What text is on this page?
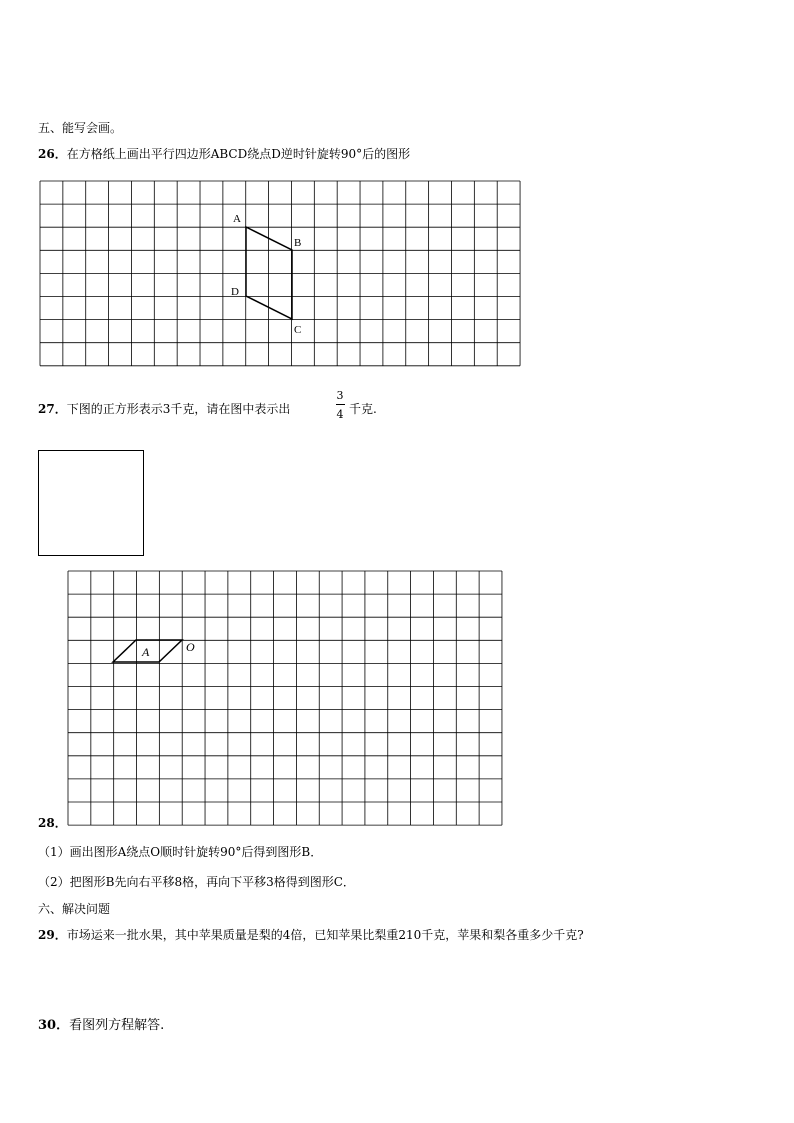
五、能写会画。
26．在方格纸上画出平行四边形ABCD绕点D逆时针旋转90°后的图形
A
B
C
D
27．下图的正方形表示3千克，请在图中表示出
3
4 千克.
A	O
28．
（1）画出图形A绕点O顺时针旋转90°后得到图形B．
（2）把图形B先向右平移8格，再向下平移3格得到图形C．
六、解决问题
29．市场运来一批水果，其中苹果质量是梨的4倍，已知苹果比梨重210千克，苹果和梨各重多少千克?
30．看图列方程解答.
